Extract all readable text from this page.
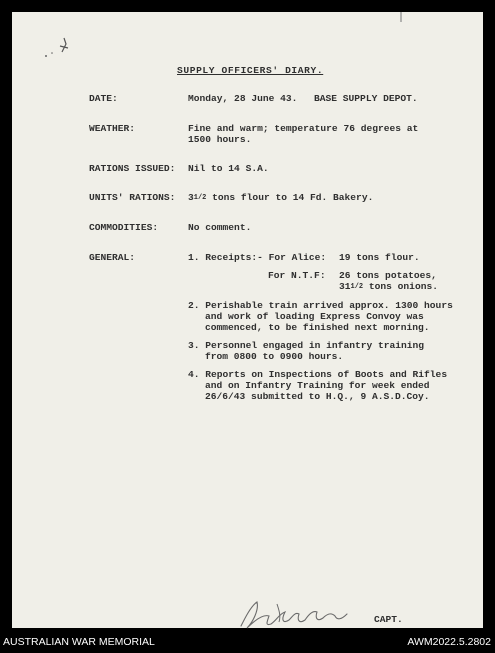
SUPPLY OFFICERS' DIARY.
DATE:	Monday, 28 June 43. BASE SUPPLY DEPOT.
WEATHER:	Fine and warm; temperature 76 degrees at
1500 hours.
RATIONS ISSUED: Nil to 14 S.A.
UNITS' RATIONS: 31/2 tons flour to 14 Fd. Bakery.
COMMODITIES:	No comment.
GENERAL:	1. Receipts:- For Alice: 19 tons flour.
For N.T.F: 26 tons potatoes,
311/2 tons onions.
2. Perishable train arrived approx. 1300 hours
and work of loading Express Convoy was
commenced, to be finished next morning.
3. Personnel engaged in infantry training
from 0800 to 0900 hours.
4. Reports on Inspections of Boots and Rifles
and on Infantry Training for week ended
26/6/43 submitted to H.Q., 9 A.S.D.Coy.
CAPT.
AUSTRALIAN WAR MEMORIAL	AWM2022.5.2802
